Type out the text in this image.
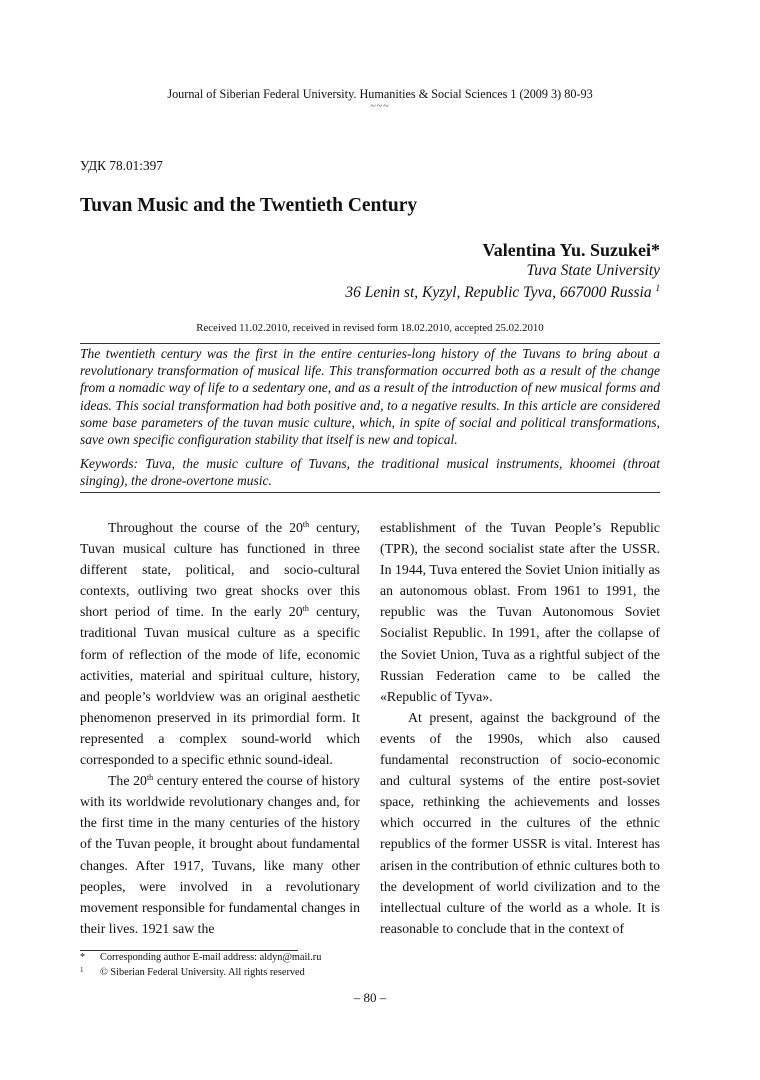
Journal of Siberian Federal University. Humanities & Social Sciences 1 (2009 3) 80-93
~~~
УДК 78.01:397
Tuvan Music and the Twentieth Century
Valentina Yu. Suzukei*
Tuva State University
36 Lenin st, Kyzyl, Republic Tyva, 667000 Russia $^1$
Received 11.02.2010, received in revised form 18.02.2010, accepted 25.02.2010

The twentieth century was the first in the entire centuries-long history of the Tuvans to bring about a revolutionary transformation of musical life. This transformation occurred both as a result of the change from a nomadic way of life to a sedentary one, and as a result of the introduction of new musical forms and ideas. This social transformation had both positive and, to a negative results. In this article are considered some base parameters of the tuvan music culture, which, in spite of social and political transformations, save own specific configuration stability that itself is new and topical.

Keywords: Tuva, the music culture of Tuvans, the traditional musical instruments, khoomei (throat singing), the drone-overtone music.

Throughout the course of the 20th century, Tuvan musical culture has functioned in three different state, political, and socio-cultural contexts, outliving two great shocks over this short period of time. In the early 20th century, traditional Tuvan musical culture as a specific form of reflection of the mode of life, economic activities, material and spiritual culture, history, and people’s worldview was an original aesthetic phenomenon preserved in its primordial form. It represented a complex sound-world which corresponded to a specific ethnic sound-ideal.

The 20th century entered the course of history with its worldwide revolutionary changes and, for the first time in the many centuries of the history of the Tuvan people, it brought about fundamental changes. After 1917, Tuvans, like many other peoples, were involved in a revolutionary movement responsible for fundamental changes in their lives. 1921 saw the

establishment of the Tuvan People’s Republic (TPR), the second socialist state after the USSR. In 1944, Tuva entered the Soviet Union initially as an autonomous oblast. From 1961 to 1991, the republic was the Tuvan Autonomous Soviet Socialist Republic. In 1991, after the collapse of the Soviet Union, Tuva as a rightful subject of the Russian Federation came to be called the «Republic of Tyva».

At present, against the background of the events of the 1990s, which also caused fundamental reconstruction of socio-economic and cultural systems of the entire post-soviet space, rethinking the achievements and losses which occurred in the cultures of the ethnic republics of the former USSR is vital. Interest has arisen in the contribution of ethnic cultures both to the development of world civilization and to the intellectual culture of the world as a whole. It is reasonable to conclude that in the context of

* Corresponding author E-mail address: aldyn@mail.ru
1 © Siberian Federal University. All rights reserved
– 80 –
